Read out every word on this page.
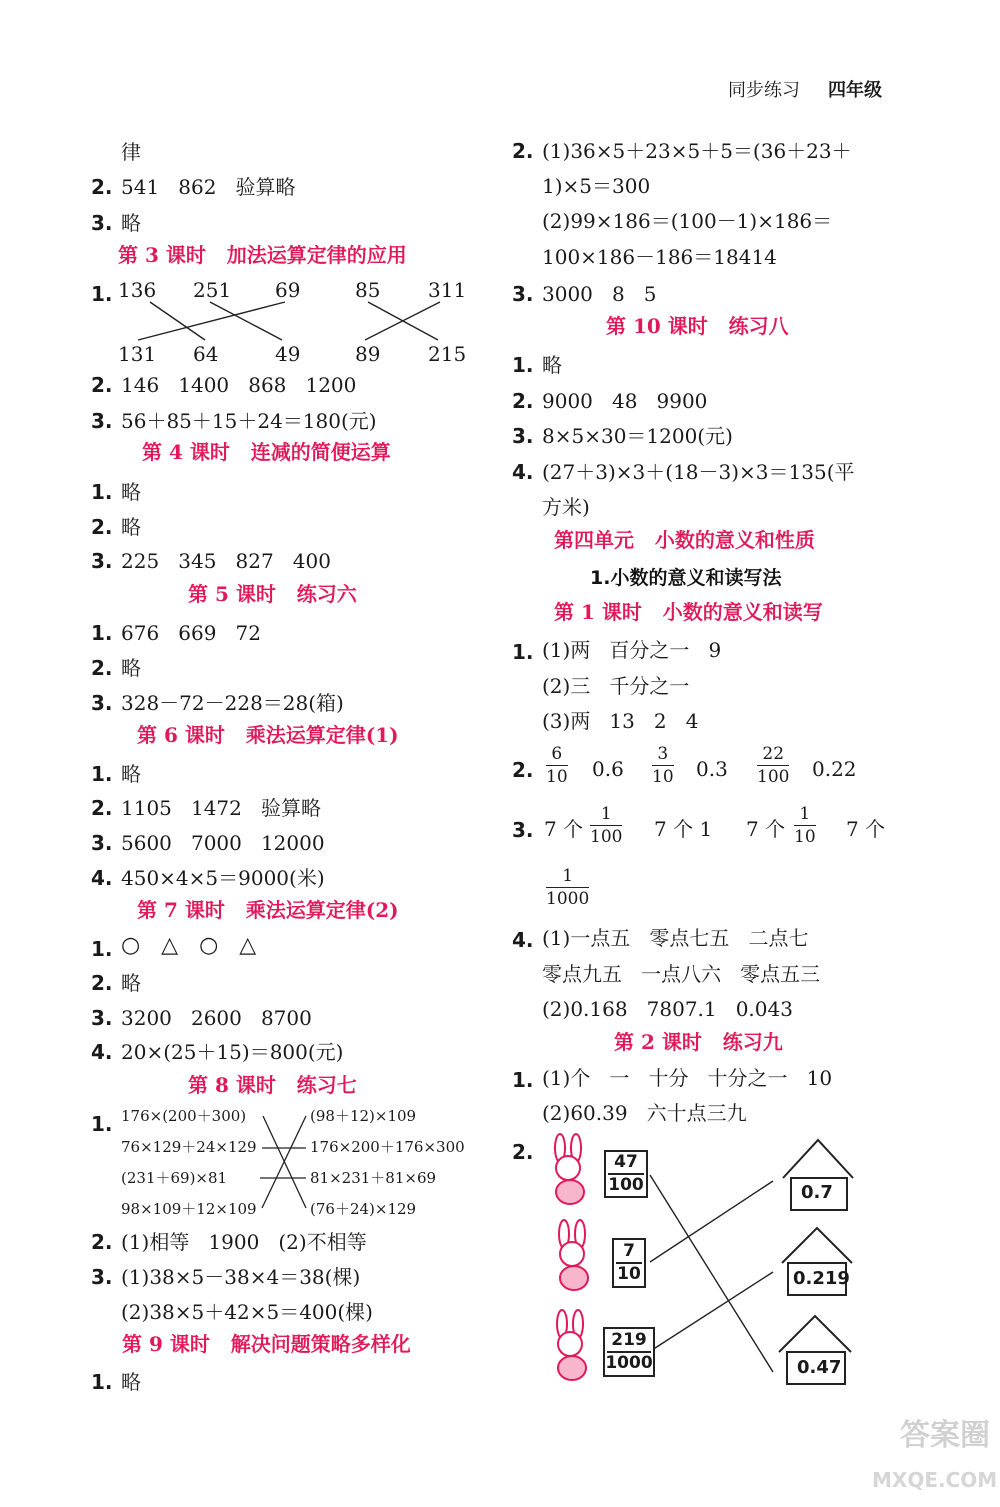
同步练习 四年级
律
2. 541   862   验算略
3. 略
第 3 课时   加法运算定律的应用
1. 136 251 69	85 311
131 64	49	89 215
2. 146   1400   868   1200
3. 56＋85＋15＋24＝180(元)
第 4 课时   连减的简便运算
1. 略
2. 略
3. 225   345   827   400
第 5 课时   练习六
1. 676   669   72
2. 略
3. 328－72－228＝28(箱)
第 6 课时   乘法运算定律(1)
1. 略
2. 1105   1472   验算略
3. 5600   7000   12000
4. 450×4×5＝9000(米)
第 7 课时   乘法运算定律(2)
1. ○   △   ○   △
2. 略
3. 3200   2600   8700
4. 20×(25＋15)＝800(元)
第 8 课时   练习七
1. 176×(200＋300)
76×129＋24×129
(231＋69)×81
98×109＋12×109
(98＋12)×109
176×200＋176×300
81×231＋81×69
(76＋24)×129
2. (1)相等   1900   (2)不相等
3. (1)38×5－38×4＝38(棵)
(2)38×5＋42×5＝400(棵)
第 9 课时   解决问题策略多样化
1. 略
2. (1)36×5＋23×5＋5＝(36＋23＋
1)×5＝300
(2)99×186＝(100－1)×186＝
100×186－186＝18414
3. 3000   8   5
第 10 课时   练习八
1. 略
2. 9000   48   9900
3. 8×5×30＝1200(元)
4. (27＋3)×3＋(18－3)×3＝135(平
方米)
第四单元   小数的意义和性质
1.小数的意义和读写法
第 1 课时   小数的意义和读写
1. (1)两   百分之一   9
(2)三   千分之一
(3)两   13   2   4
2.
6
10 0.6
3
10 0.3
22
100 0.22
3. 7 个
1
100 7 个 1 7 个
1
10 7 个
1
1000
4. (1)一点五   零点七五   二点七
零点九五   一点八六   零点五三
(2)0.168   7807.1   0.043
第 2 课时   练习九
1. (1)个   一   十分   十分之一   10
(2)60.39   六十点三九
2.	47
100
7
10
219
1000
0.7
0.219
0.47
答案圈
MXQE.COM
